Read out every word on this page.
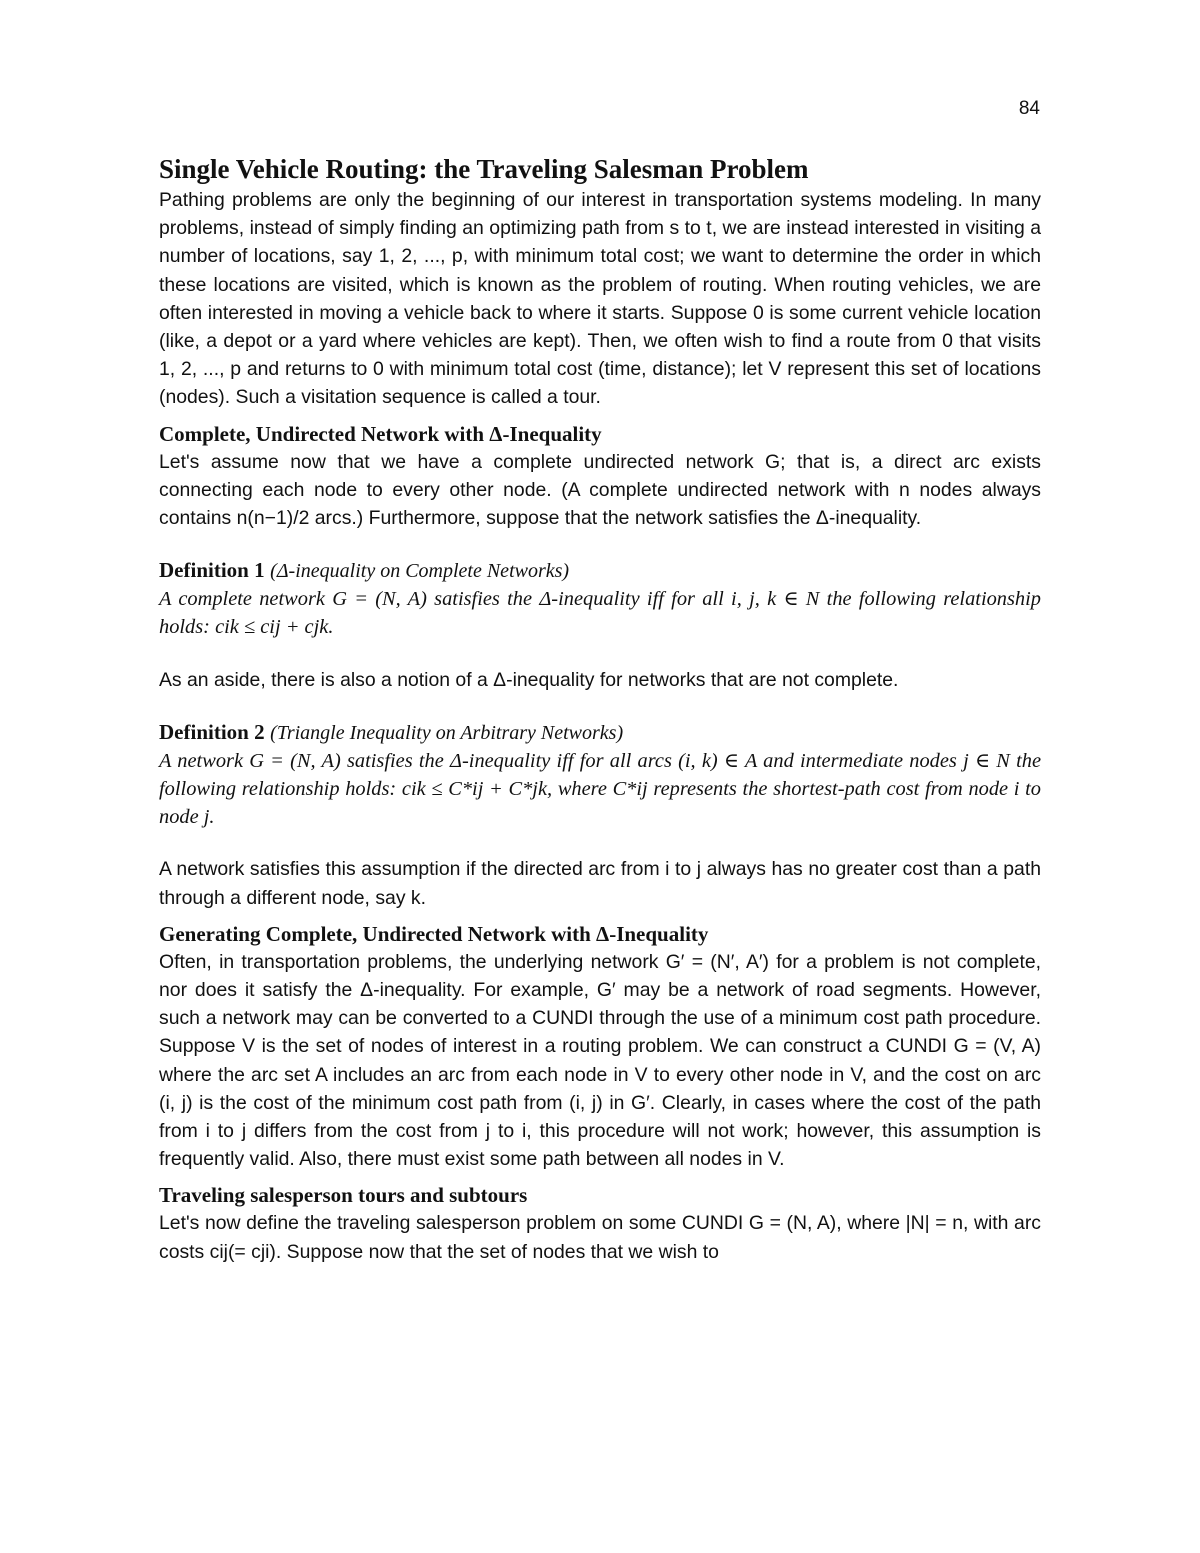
84
Single Vehicle Routing: the Traveling Salesman Problem

Pathing problems are only the beginning of our interest in transportation systems modeling. In many problems, instead of simply finding an optimizing path from s to t, we are instead interested in visiting a number of locations, say 1, 2, ..., p, with minimum total cost; we want to determine the order in which these locations are visited, which is known as the problem of routing. When routing vehicles, we are often interested in moving a vehicle back to where it starts. Suppose 0 is some current vehicle location (like, a depot or a yard where vehicles are kept). Then, we often wish to find a route from 0 that visits 1, 2, ..., p and returns to 0 with minimum total cost (time, distance); let V represent this set of locations (nodes). Such a visitation sequence is called a tour.

Complete, Undirected Network with Δ-Inequality

Let's assume now that we have a complete undirected network G; that is, a direct arc exists connecting each node to every other node. (A complete undirected network with n nodes always contains n(n−1)/2 arcs.) Furthermore, suppose that the network satisfies the Δ-inequality.

Definition 1 (Δ-inequality on Complete Networks)

A complete network G = (N, A) satisfies the Δ-inequality iff for all i, j, k ∈ N the following relationship holds: cik ≤ cij + cjk.

As an aside, there is also a notion of a Δ-inequality for networks that are not complete.

Definition 2 (Triangle Inequality on Arbitrary Networks)

A network G = (N, A) satisfies the Δ-inequality iff for all arcs (i, k) ∈ A and intermediate nodes j ∈ N the following relationship holds: cik ≤ C*ij + C*jk, where C*ij represents the shortest-path cost from node i to node j.

A network satisfies this assumption if the directed arc from i to j always has no greater cost than a path through a different node, say k.

Generating Complete, Undirected Network with Δ-Inequality

Often, in transportation problems, the underlying network G′ = (N′, A′) for a problem is not complete, nor does it satisfy the Δ-inequality. For example, G′ may be a network of road segments. However, such a network may can be converted to a CUNDI through the use of a minimum cost path procedure. Suppose V is the set of nodes of interest in a routing problem. We can construct a CUNDI G = (V, A) where the arc set A includes an arc from each node in V to every other node in V, and the cost on arc (i, j) is the cost of the minimum cost path from (i, j) in G′. Clearly, in cases where the cost of the path from i to j differs from the cost from j to i, this procedure will not work; however, this assumption is frequently valid. Also, there must exist some path between all nodes in V.

Traveling salesperson tours and subtours

Let's now define the traveling salesperson problem on some CUNDI G = (N, A), where |N| = n, with arc costs cij(= cji). Suppose now that the set of nodes that we wish to
